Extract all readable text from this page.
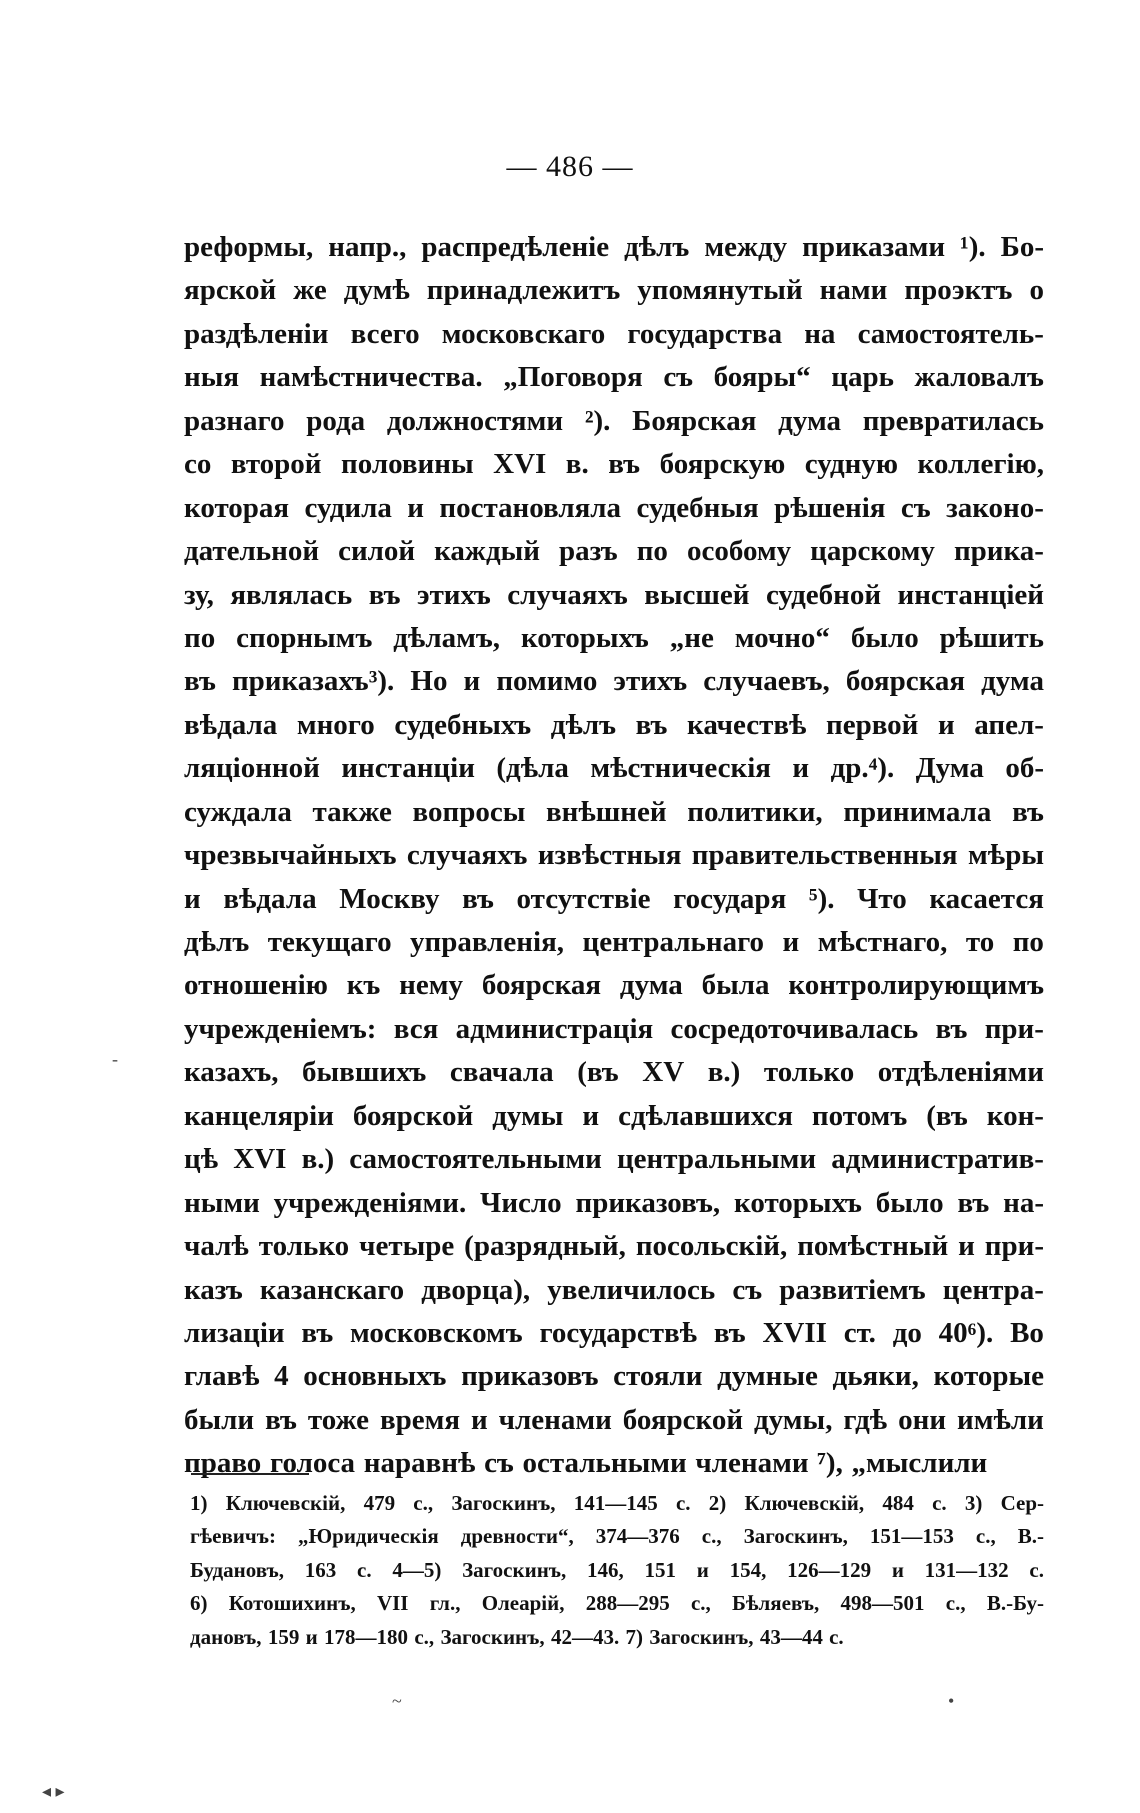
— 486 —
реформы, напр., распредѣленіе дѣлъ между приказами ¹). Бо-
ярской же думѣ принадлежитъ упомянутый нами проэктъ о
раздѣленіи всего московскаго государства на самостоятель-
ныя намѣстничества. „Поговоря съ бояры“ царь жаловалъ
разнаго рода должностями ²). Боярская дума превратилась
со второй половины XVI в. въ боярскую судную коллегію,
которая судила и постановляла судебныя рѣшенія съ законо-
дательной силой каждый разъ по особому царскому прика-
зу, являлась въ этихъ случаяхъ высшей судебной инстанціей
по спорнымъ дѣламъ, которыхъ „не мочно“ было рѣшить
въ приказахъ³). Но и помимо этихъ случаевъ, боярская дума
вѣдала много судебныхъ дѣлъ въ качествѣ первой и апел-
ляціонной инстанціи (дѣла мѣстническія и др.⁴). Дума об-
суждала также вопросы внѣшней политики, принимала въ
чрезвычайныхъ случаяхъ извѣстныя правительственныя мѣры
и вѣдала Москву въ отсутствіе государя ⁵). Что касается
дѣлъ текущаго управленія, центральнаго и мѣстнаго, то по
отношенію къ нему боярская дума была контролирующимъ
учрежденіемъ: вся администрація сосредоточивалась въ при-
казахъ, бывшихъ свачала (въ XV в.) только отдѣленіями
канцеляріи боярской думы и сдѣлавшихся потомъ (въ кон-
цѣ XVI в.) самостоятельными центральными административ-
ными учрежденіями. Число приказовъ, которыхъ было въ на-
чалѣ только четыре (разрядный, посольскій, помѣстный и при-
казъ казанскаго дворца), увеличилось съ развитіемъ центра-
лизаціи въ московскомъ государствѣ въ XVII ст. до 40⁶). Во
главѣ 4 основныхъ приказовъ стояли думные дьяки, которые
были въ тоже время и членами боярской думы, гдѣ они имѣли
право голоса наравнѣ съ остальными членами ⁷), „мыслили
1) Ключевскій, 479 с., Загоскинъ, 141—145 с. 2) Ключевскій, 484 с. 3) Сер-
гѣевичъ: „Юридическія древности“, 374—376 с., Загоскинъ, 151—153 с., В.-
Будановъ, 163 с. 4—5) Загоскинъ, 146, 151 и 154, 126—129 и 131—132 с.
6) Котошихинъ, VII гл., Олеарій, 288—295 с., Бѣляевъ, 498—501 с., В.-Бу-
дановъ, 159 и 178—180 с., Загоскинъ, 42—43. 7) Загоскинъ, 43—44 с.
-
~	•
◂ ▸
